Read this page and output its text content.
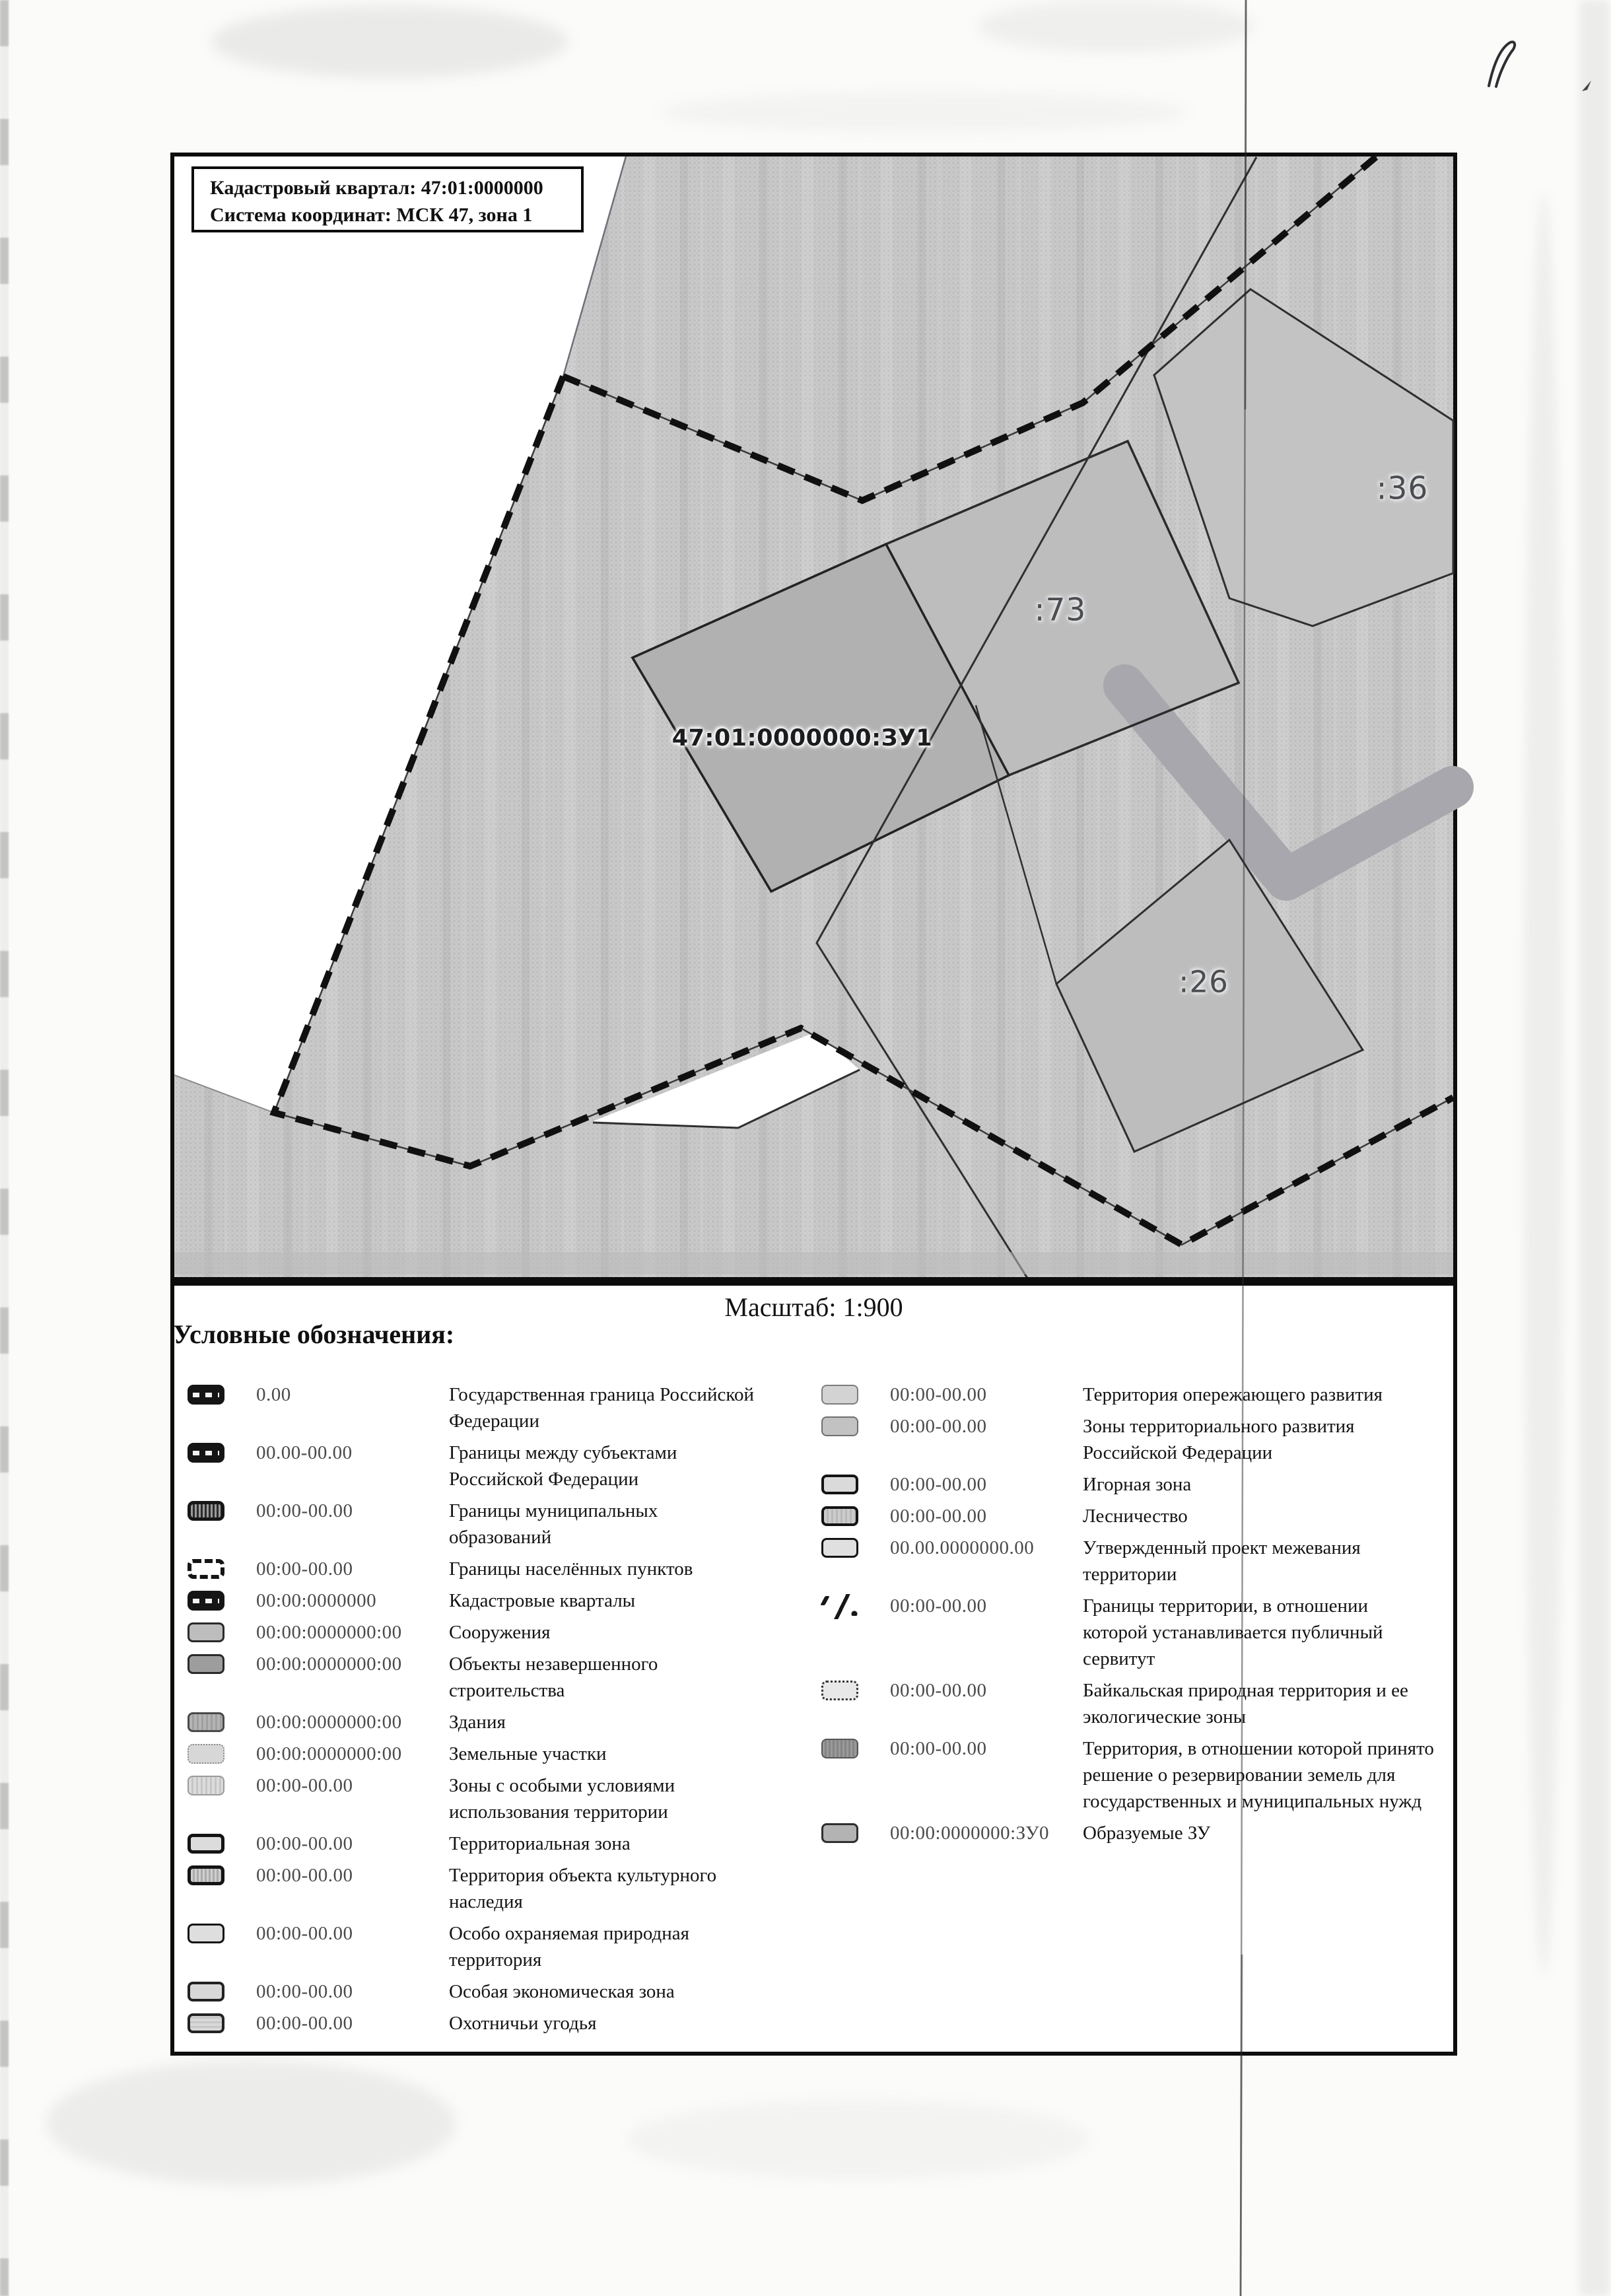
Кадастровый квартал: 47:01:0000000
Система координат: МСК 47, зона 1
47:01:0000000:ЗУ1
:73
:36
:26
Масштаб: 1:900
Условные обозначения:
0.00	Государственная граница Российской Федерации
00.00-00.00	Границы между субъектами Российской Федерации
00:00-00.00	Границы муниципальных образований
00:00-00.00	Границы населённых пунктов
00:00:0000000	Кадастровые кварталы
00:00:0000000:00	Сооружения
00:00:0000000:00	Объекты незавершенного строительства
00:00:0000000:00	Здания
00:00:0000000:00	Земельные участки
00:00-00.00	Зоны с особыми условиями использования территории
00:00-00.00	Территориальная зона
00:00-00.00	Территория объекта культурного наследия
00:00-00.00	Особо охраняемая природная территория
00:00-00.00	Особая экономическая зона
00:00-00.00	Охотничьи угодья
00:00-00.00	Территория опережающего развития
00:00-00.00	Зоны территориального развития Российской Федерации
00:00-00.00	Игорная зона
00:00-00.00	Лесничество
00.00.0000000.00	Утвержденный проект межевания территории
00:00-00.00	Границы территории, в отношении которой устанавливается публичный сервитут
00:00-00.00	Байкальская природная территория и ее экологические зоны
00:00-00.00	Территория, в отношении которой принято решение о резервировании земель для государственных и муниципальных нужд
00:00:0000000:ЗУ0	Образуемые ЗУ
